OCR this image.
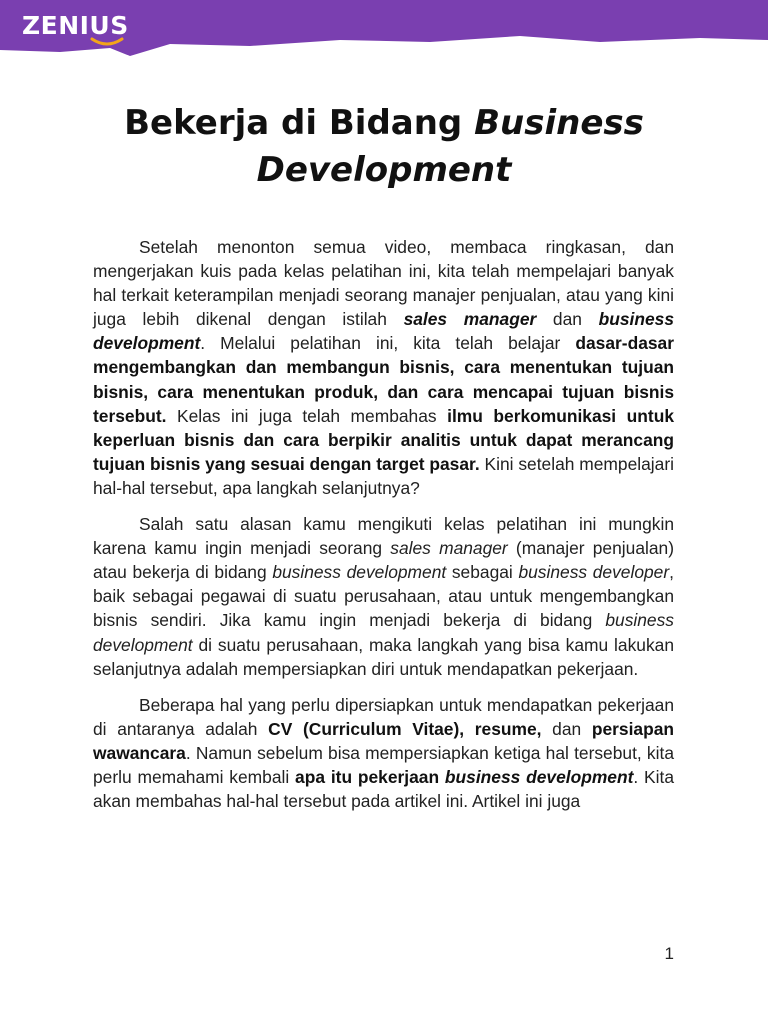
ZENIUS
Bekerja di Bidang Business
Development

Setelah menonton semua video, membaca ringkasan, dan mengerjakan kuis pada kelas pelatihan ini, kita telah mempelajari banyak hal terkait keterampilan menjadi seorang manajer penjualan, atau yang kini juga lebih dikenal dengan istilah sales manager dan business development. Melalui pelatihan ini, kita telah belajar dasar-dasar mengembangkan dan membangun bisnis, cara menentukan tujuan bisnis, cara menentukan produk, dan cara mencapai tujuan bisnis tersebut. Kelas ini juga telah membahas ilmu berkomunikasi untuk keperluan bisnis dan cara berpikir analitis untuk dapat merancang tujuan bisnis yang sesuai dengan target pasar. Kini setelah mempelajari hal-hal tersebut, apa langkah selanjutnya?

Salah satu alasan kamu mengikuti kelas pelatihan ini mungkin karena kamu ingin menjadi seorang sales manager (manajer penjualan) atau bekerja di bidang business development sebagai business developer, baik sebagai pegawai di suatu perusahaan, atau untuk mengembangkan bisnis sendiri. Jika kamu ingin menjadi bekerja di bidang business development di suatu perusahaan, maka langkah yang bisa kamu lakukan selanjutnya adalah mempersiapkan diri untuk mendapatkan pekerjaan.

Beberapa hal yang perlu dipersiapkan untuk mendapatkan pekerjaan di antaranya adalah CV (Curriculum Vitae), resume, dan persiapan wawancara. Namun sebelum bisa mempersiapkan ketiga hal tersebut, kita perlu memahami kembali apa itu pekerjaan business development. Kita akan membahas hal-hal tersebut pada artikel ini. Artikel ini juga

1
